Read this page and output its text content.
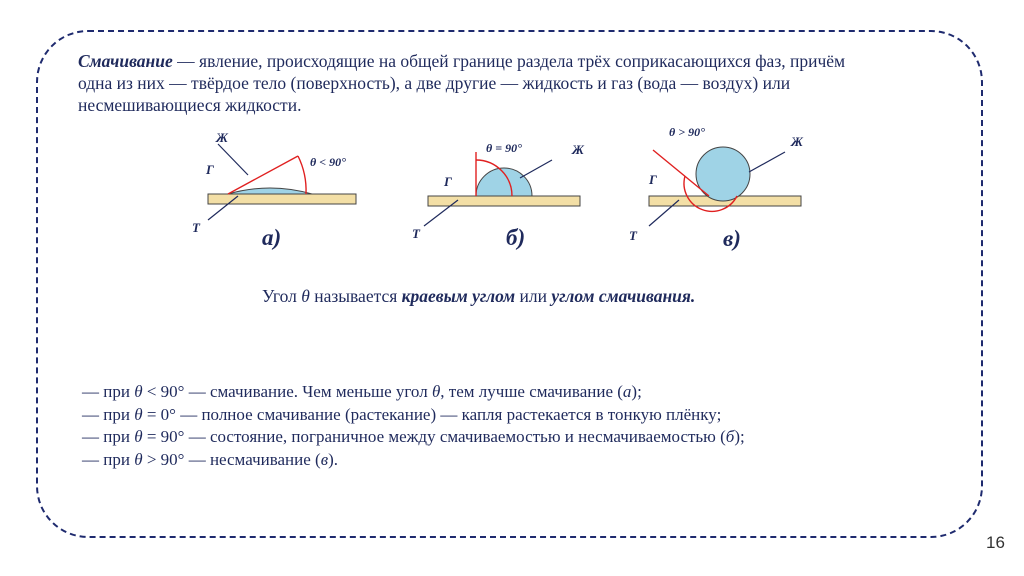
Смачивание — явление, происходящие на общей границе раздела трёх соприкасающихся фаз, причём одна из них — твёрдое тело (поверхность), а две другие — жидкость и газ (вода — воздух) или несмешивающиеся жидкости.
Ж
Г
Т
θ < 90°
а)
θ = 90°	Ж
Г
Т	б)
θ > 90°
Ж
Г
Т	в)
Угол θ называется краевым углом или углом смачивания.
— при θ < 90° — смачивание. Чем меньше угол θ, тем лучше смачивание (а);
— при θ = 0° — полное смачивание (растекание) — капля растекается в тонкую плёнку;
— при θ = 90° — состояние, пограничное между смачиваемостью и несмачиваемостью (б);
— при θ > 90° — несмачивание (в).
16
